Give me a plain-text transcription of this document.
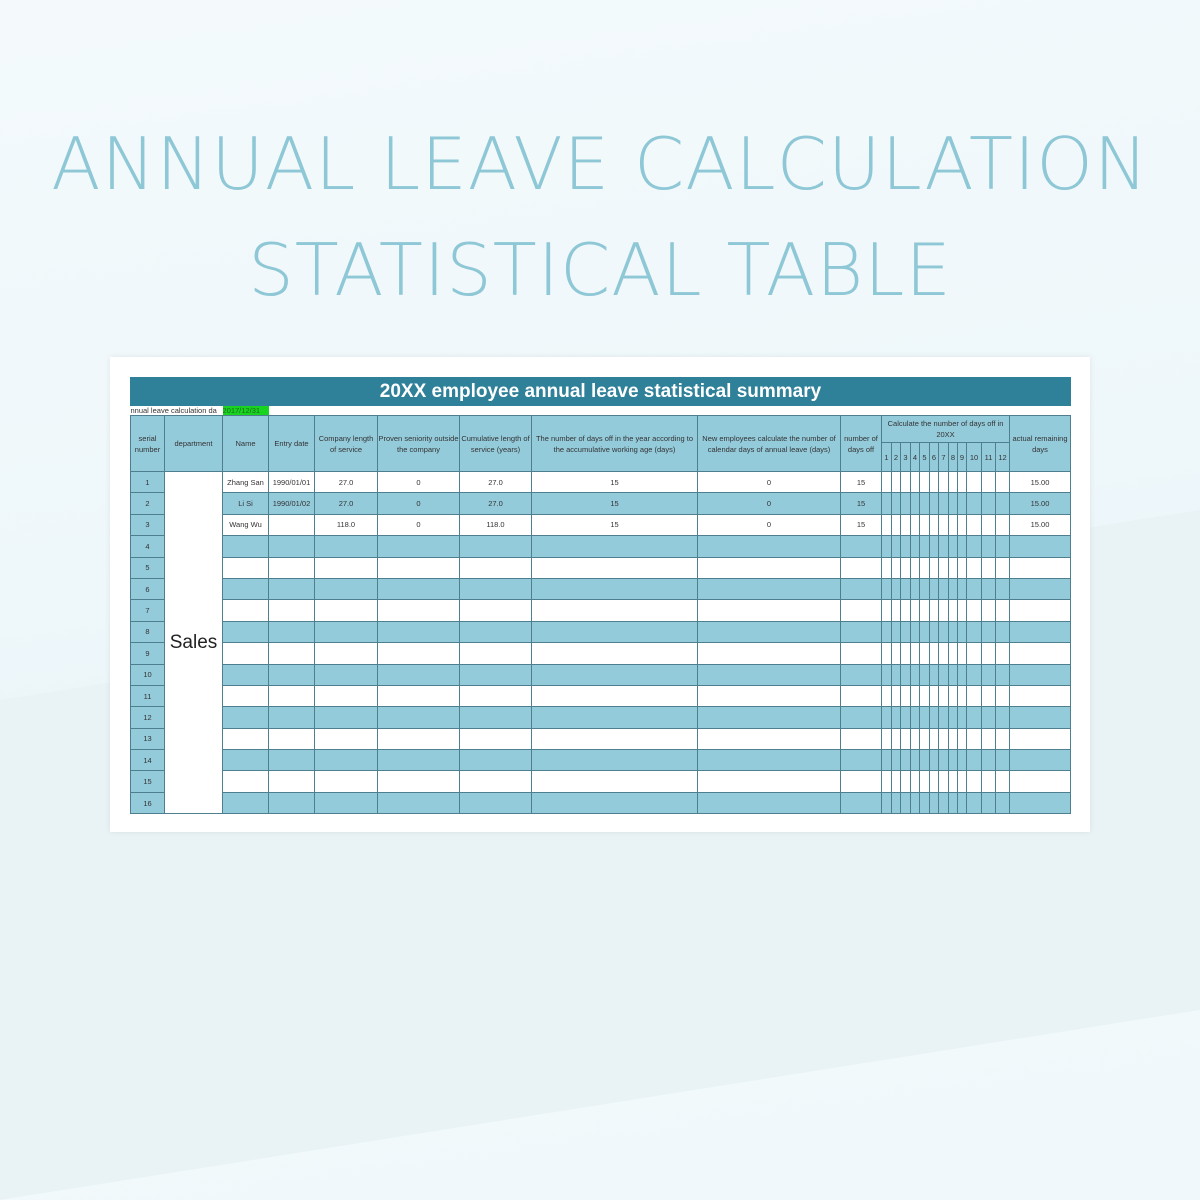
ANNUAL LEAVE CALCULATION
STATISTICAL TABLE
20XX employee annual leave statistical summary																						
nnual leave calculation da		2017/12/31																				
serial number	department	Name	Entry date	Company length of service	Proven seniority outside the company	Cumulative length of service (years)	The number of days off in the year according to the accumulative working age (days)	New employees calculate the number of calendar days of annual leave (days)	number of days off	Calculate the number of days off in 20XX												actual remaining days
										1	2	3	4	5	6	7	8	9	10	11	12	
1	Sales	Zhang San	1990/01/01	27.0	0	27.0	15	0	15													15.00
2		Li Si	1990/01/02	27.0	0	27.0	15	0	15													15.00
3		Wang Wu		118.0	0	118.0	15	0	15													15.00
4																						
5																						
6																						
7																						
8																						
9																						
10																						
11																						
12																						
13																						
14																						
15																						
16																						
